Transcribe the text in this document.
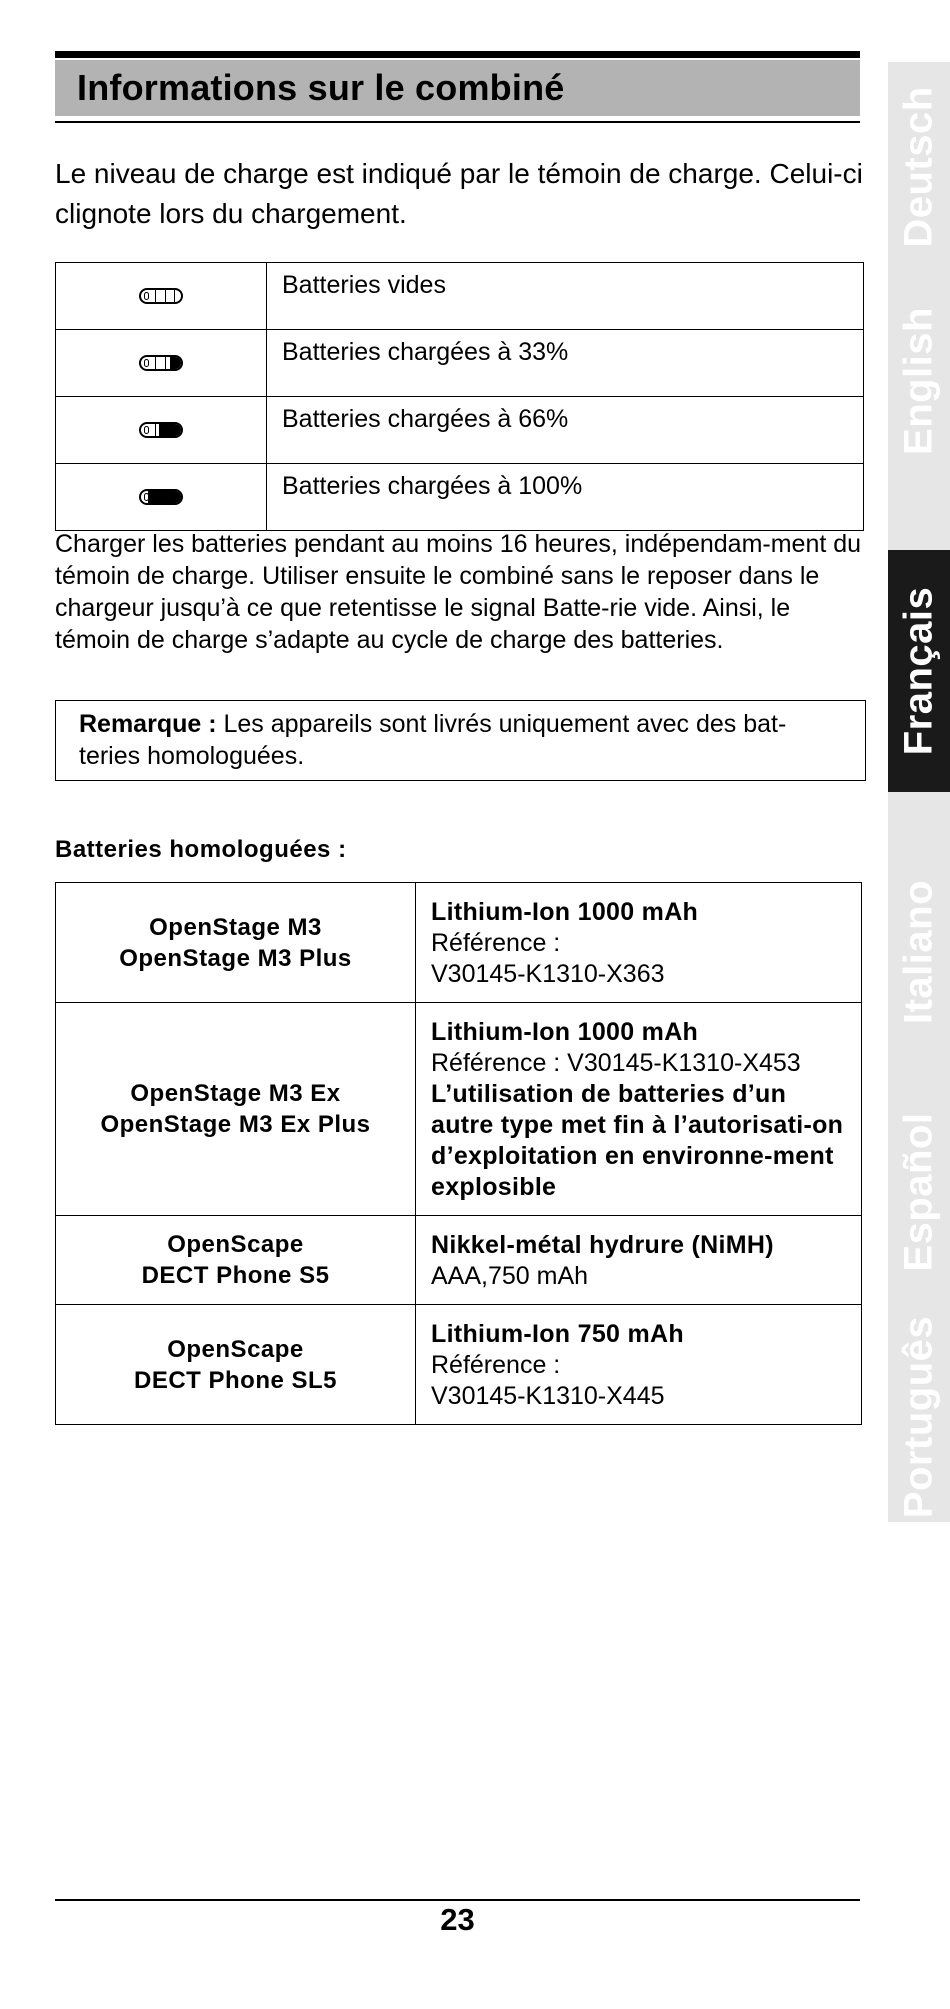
Informations sur le combiné

Le niveau de charge est indiqué par le témoin de charge. Celui-ci clignote lors du chargement.

	Batteries vides

	Batteries chargées à 33%

	Batteries chargées à 66%

	Batteries chargées à 100%

Charger les batteries pendant au moins 16 heures, indépendam-ment du témoin de charge. Utiliser ensuite le combiné sans le reposer dans le chargeur jusqu’à ce que retentisse le signal Batte-rie vide. Ainsi, le témoin de charge s’adapte au cycle de charge des batteries.

Remarque : Les appareils sont livrés uniquement avec des bat-teries homologuées.
Batteries homologuées :
OpenStage M3
OpenStage M3 Plus	Lithium-Ion 1000 mAh
Référence :
V30145-K1310-X363

OpenStage M3 Ex
OpenStage M3 Ex Plus	Lithium-Ion 1000 mAh
Référence : V30145-K1310-X453
L’utilisation de batteries d’un autre type met fin à l’autorisati-on d’exploitation en environne-ment explosible

OpenScape
DECT Phone S5	Nikkel-métal hydrure (NiMH)
AAA,750 mAh

OpenScape
DECT Phone SL5	Lithium-Ion 750 mAh
Référence :
V30145-K1310-X445
Deutsch
English
Français
Italiano
Español
Português
23
